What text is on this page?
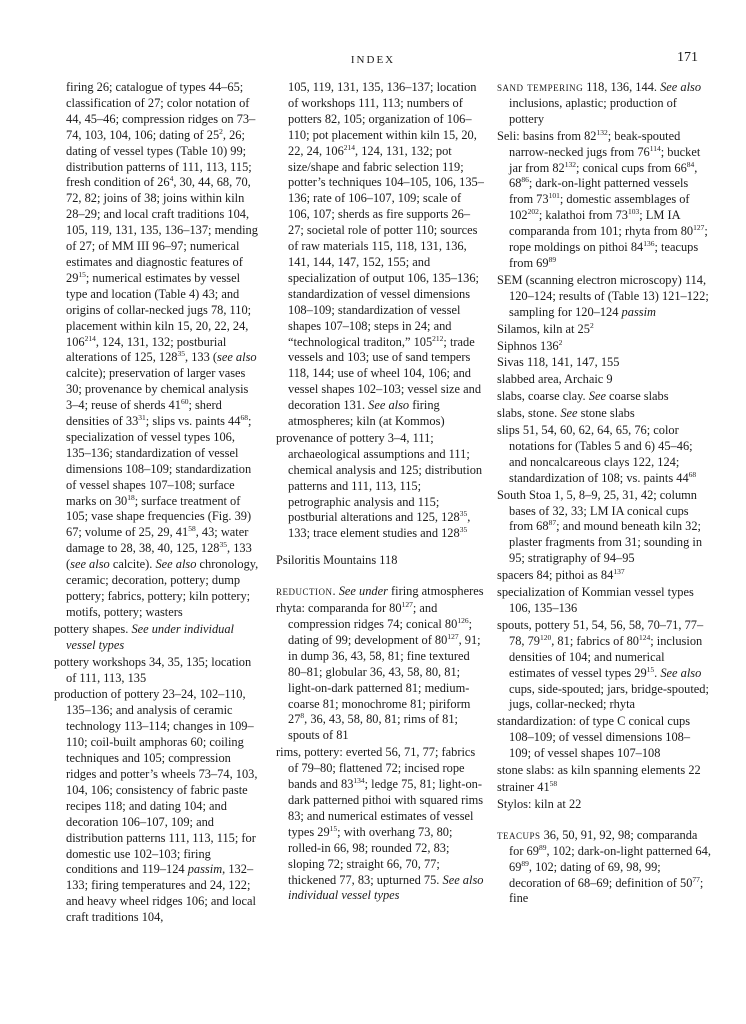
INDEX	171

firing 26; catalogue of types 44–65; classification of 27; color notation of 44, 45–46; compression ridges on 73–74, 103, 104, 106; dating of $25^2$, 26; dating of vessel types (Table 10) 99; distribution patterns of 111, 113, 115; fresh condition of $26^4$, 30, 44, 68, 70, 72, 82; joins of 38; joins within kiln 28–29; and local craft traditions 104, 105, 119, 131, 135, 136–137; mending of 27; of MM III 96–97; numerical estimates and diagnostic features of $29^{15}$; numerical estimates by vessel type and location (Table 4) 43; and origins of collar-necked jugs 78, 110; placement within kiln 15, 20, 22, 24, $106^{214}$, 124, 131, 132; postburial alterations of 125, $128^{35}$, 133 (see also calcite); preservation of larger vases 30; provenance by chemical analysis 3–4; reuse of sherds $41^{60}$; sherd densities of $33^{31}$; slips vs. paints $44^{68}$; specialization of vessel types 106, 135–136; standardization of vessel dimensions 108–109; standardization of vessel shapes 107–108; surface marks on $30^{18}$; surface treatment of 105; vase shape frequencies (Fig. 39) 67; volume of 25, 29, $41^{58}$, 43; water damage to 28, 38, 40, 125, $128^{35}$, 133 (see also calcite). See also chronology, ceramic; decoration, pottery; dump pottery; fabrics, pottery; kiln pottery; motifs, pottery; wasters

pottery shapes. See under individual vessel types

pottery workshops 34, 35, 135; location of 111, 113, 135

production of pottery 23–24, 102–110, 135–136; and analysis of ceramic technology 113–114; changes in 109–110; coil-built amphoras 60; coiling techniques and 105; compression ridges and potter’s wheels 73–74, 103, 104, 106; consistency of fabric paste recipes 118; and dating 104; and decoration 106–107, 109; and distribution patterns 111, 113, 115; for domestic use 102–103; firing conditions and 119–124 passim, 132–133; firing temperatures and 24, 122; and heavy wheel ridges 106; and local craft traditions 104,

105, 119, 131, 135, 136–137; location of workshops 111, 113; numbers of potters 82, 105; organization of 106–110; pot placement within kiln 15, 20, 22, 24, $106^{214}$, 124, 131, 132; pot size/shape and fabric selection 119; potter’s techniques 104–105, 106, 135–136; rate of 106–107, 109; scale of 106, 107; sherds as fire supports 26–27; societal role of potter 110; sources of raw materials 115, 118, 131, 136, 141, 144, 147, 152, 155; and specialization of output 106, 135–136; standardization of vessel dimensions 108–109; standardization of vessel shapes 107–108; steps in 24; and “technological traditon,” $105^{212}$; trade vessels and 103; use of sand tempers 118, 144; use of wheel 104, 106; and vessel shapes 102–103; vessel size and decoration 131. See also firing atmospheres; kiln (at Kommos)

provenance of pottery 3–4, 111; archaeological assumptions and 111; chemical analysis and 125; distribution patterns and 111, 113, 115; petrographic analysis and 115; postburial alterations and 125, $128^{35}$, 133; trace element studies and $128^{35}$

Psiloritis Mountains 118

reduction. See under firing atmospheres

rhyta: comparanda for $80^{127}$; and compression ridges 74; conical $80^{126}$; dating of 99; development of $80^{127}$, 91; in dump 36, 43, 58, 81; fine textured 80–81; globular 36, 43, 58, 80, 81; light-on-dark patterned 81; medium-coarse 81; monochrome 81; piriform $27^8$, 36, 43, 58, 80, 81; rims of 81; spouts of 81

rims, pottery: everted 56, 71, 77; fabrics of 79–80; flattened 72; incised rope bands and $83^{134}$; ledge 75, 81; light-on-dark patterned pithoi with squared rims 83; and numerical estimates of vessel types $29^{15}$; with overhang 73, 80; rolled-in 66, 98; rounded 72, 83; sloping 72; straight 66, 70, 77; thickened 77, 83; upturned 75. See also individual vessel types

sand tempering 118, 136, 144. See also inclusions, aplastic; production of pottery

Seli: basins from $82^{132}$; beak-spouted narrow-necked jugs from $76^{114}$; bucket jar from $82^{132}$; conical cups from $66^{84}$, $68^{86}$; dark-on-light patterned vessels from $73^{101}$; domestic assemblages of $102^{202}$; kalathoi from $73^{103}$; LM IA comparanda from 101; rhyta from $80^{127}$; rope moldings on pithoi $84^{136}$; teacups from $69^{89}$

SEM (scanning electron microscopy) 114, 120–124; results of (Table 13) 121–122; sampling for 120–124 passim

Silamos, kiln at $25^2$

Siphnos $136^2$

Sivas 118, 141, 147, 155

slabbed area, Archaic 9

slabs, coarse clay. See coarse slabs

slabs, stone. See stone slabs

slips 51, 54, 60, 62, 64, 65, 76; color notations for (Tables 5 and 6) 45–46; and noncalcareous clays 122, 124; standardization of 108; vs. paints $44^{68}$

South Stoa 1, 5, 8–9, 25, 31, 42; column bases of 32, 33; LM IA conical cups from $68^{87}$; and mound beneath kiln 32; plaster fragments from 31; sounding in 95; stratigraphy of 94–95

spacers 84; pithoi as $84^{137}$

specialization of Kommian vessel types 106, 135–136

spouts, pottery 51, 54, 56, 58, 70–71, 77–78, $79^{120}$, 81; fabrics of $80^{124}$; inclusion densities of 104; and numerical estimates of vessel types $29^{15}$. See also cups, side-spouted; jars, bridge-spouted; jugs, collar-necked; rhyta

standardization: of type C conical cups 108–109; of vessel dimensions 108–109; of vessel shapes 107–108

stone slabs: as kiln spanning elements 22

strainer $41^{58}$

Stylos: kiln at 22

teacups 36, 50, 91, 92, 98; comparanda for $69^{89}$, 102; dark-on-light patterned 64, $69^{89}$, 102; dating of 69, 98, 99; decoration of 68–69; definition of $50^{77}$; fine
